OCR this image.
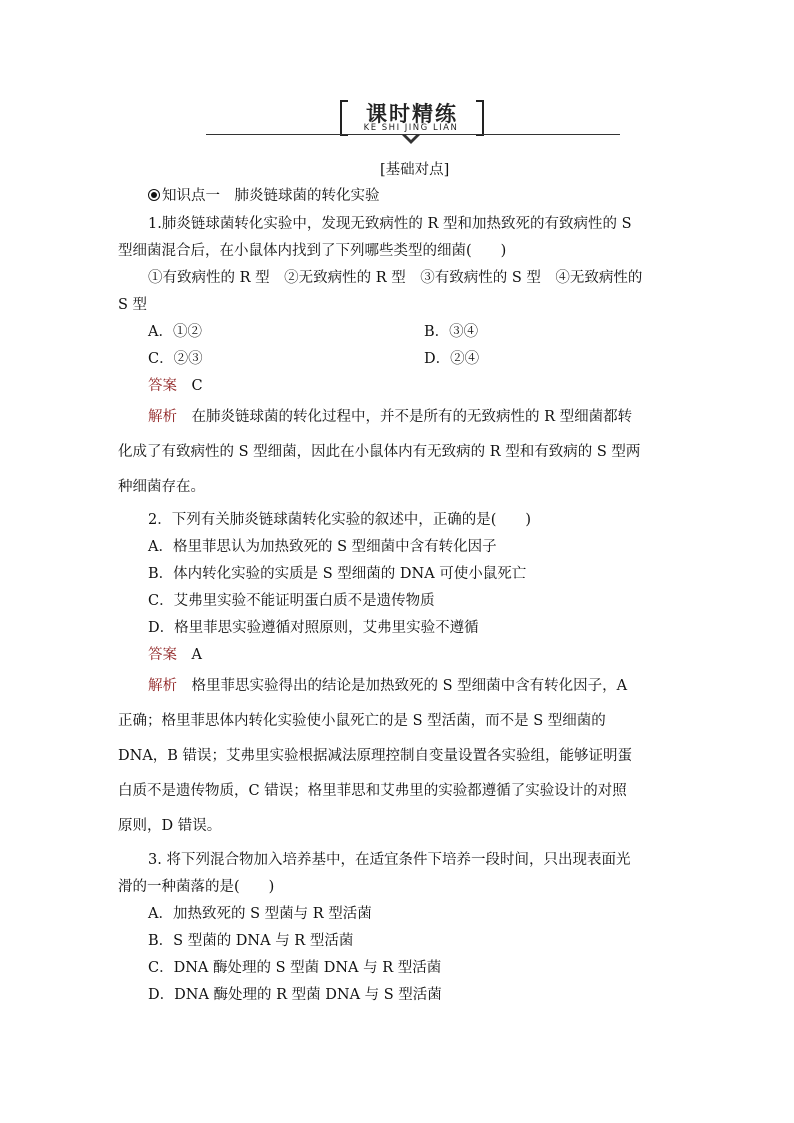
课时精练
KE SHI JING LIAN
[基础对点]
知识点一　肺炎链球菌的转化实验
1.肺炎链球菌转化实验中，发现无致病性的 R 型和加热致死的有致病性的 S
型细菌混合后，在小鼠体内找到了下列哪些类型的细菌(　　)
①有致病性的 R 型　②无致病性的 R 型　③有致病性的 S 型　④无致病性的
S 型
A．①②	B．③④
C．②③	D．②④
答案　 C
解析　 在肺炎链球菌的转化过程中，并不是所有的无致病性的 R 型细菌都转
化成了有致病性的 S 型细菌，因此在小鼠体内有无致病的 R 型和有致病的 S 型两
种细菌存在。
2．下列有关肺炎链球菌转化实验的叙述中，正确的是(　　)
A．格里菲思认为加热致死的 S 型细菌中含有转化因子
B．体内转化实验的实质是 S 型细菌的 DNA 可使小鼠死亡
C．艾弗里实验不能证明蛋白质不是遗传物质
D．格里菲思实验遵循对照原则，艾弗里实验不遵循
答案　 A
解析　 格里菲思实验得出的结论是加热致死的 S 型细菌中含有转化因子，A
正确；格里菲思体内转化实验使小鼠死亡的是 S 型活菌，而不是 S 型细菌的
DNA，B 错误；艾弗里实验根据减法原理控制自变量设置各实验组，能够证明蛋
白质不是遗传物质，C 错误；格里菲思和艾弗里的实验都遵循了实验设计的对照
原则，D 错误。
3. 将下列混合物加入培养基中，在适宜条件下培养一段时间，只出现表面光
滑的一种菌落的是(　　)
A．加热致死的 S 型菌与 R 型活菌
B．S 型菌的 DNA 与 R 型活菌
C．DNA 酶处理的 S 型菌 DNA 与 R 型活菌
D．DNA 酶处理的 R 型菌 DNA 与 S 型活菌
